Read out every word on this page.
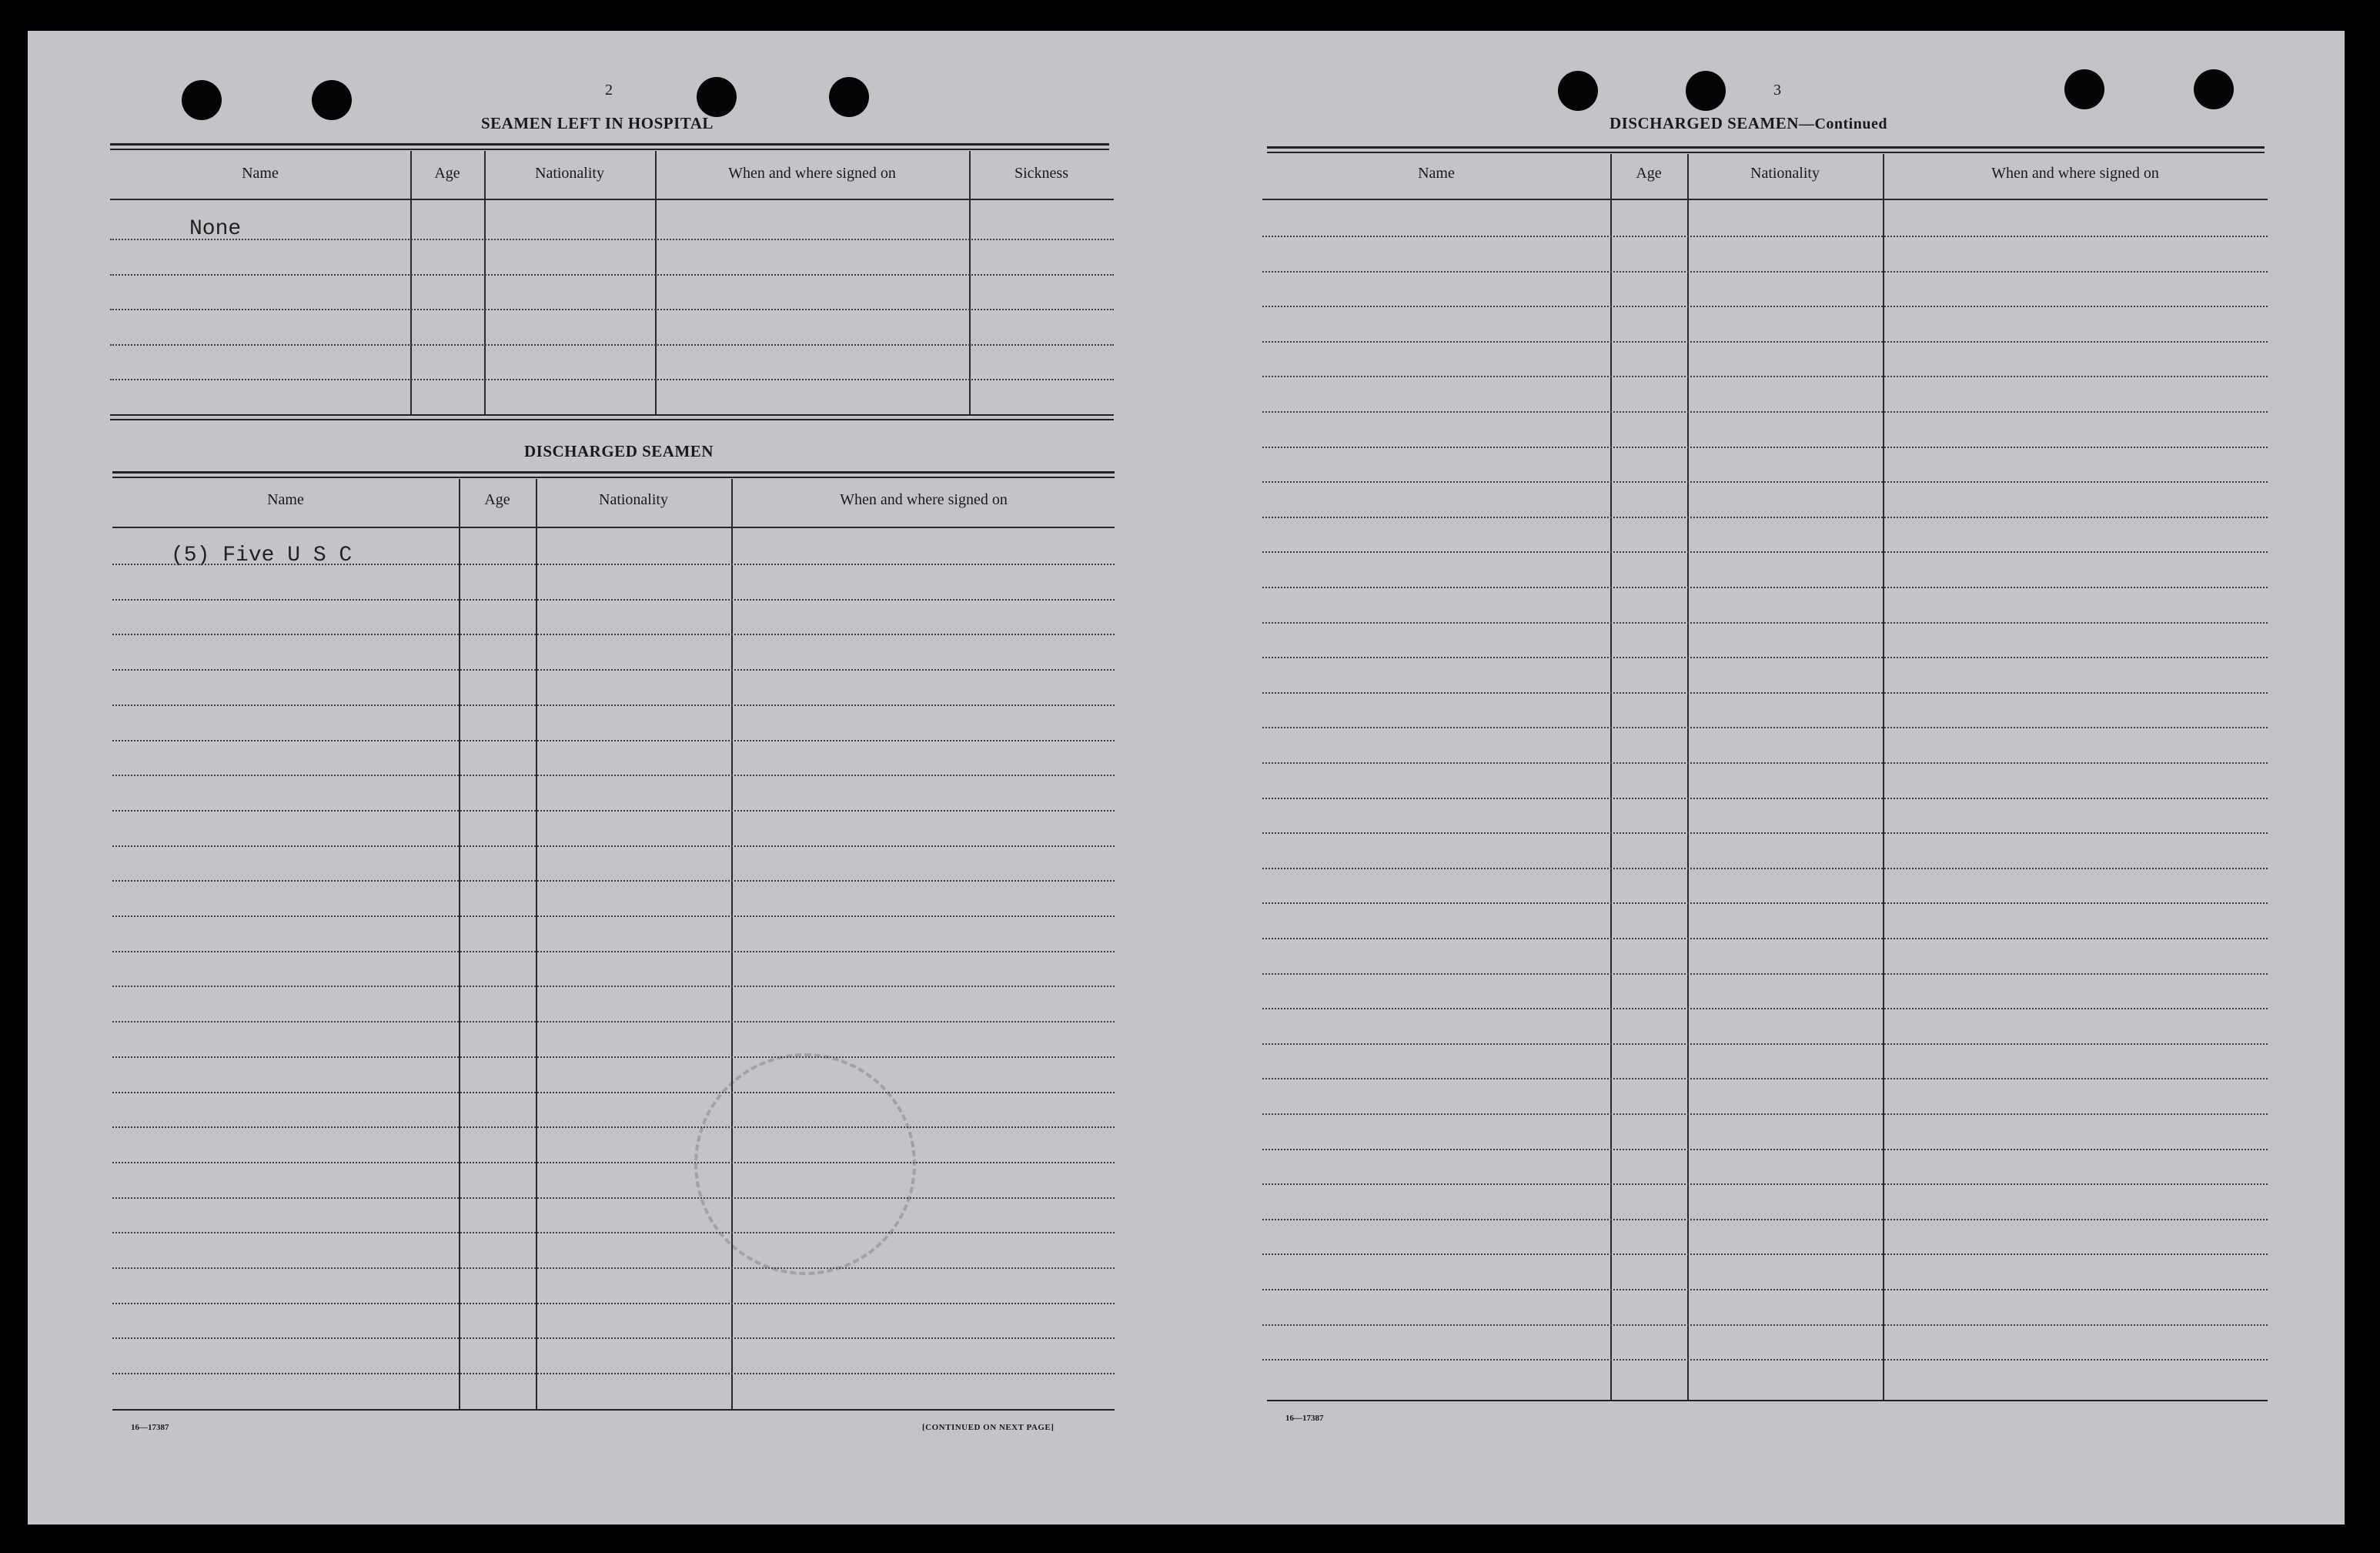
2
SEAMEN LEFT IN HOSPITAL
Name	Age	Nationality	When and where signed on	Sickness
None
DISCHARGED SEAMEN
Name	Age	Nationality	When and where signed on
(5) Five U S C
16—17387	[CONTINUED ON NEXT PAGE]
3
DISCHARGED SEAMEN—Continued
Name	Age	Nationality	When and where signed on
16—17387
